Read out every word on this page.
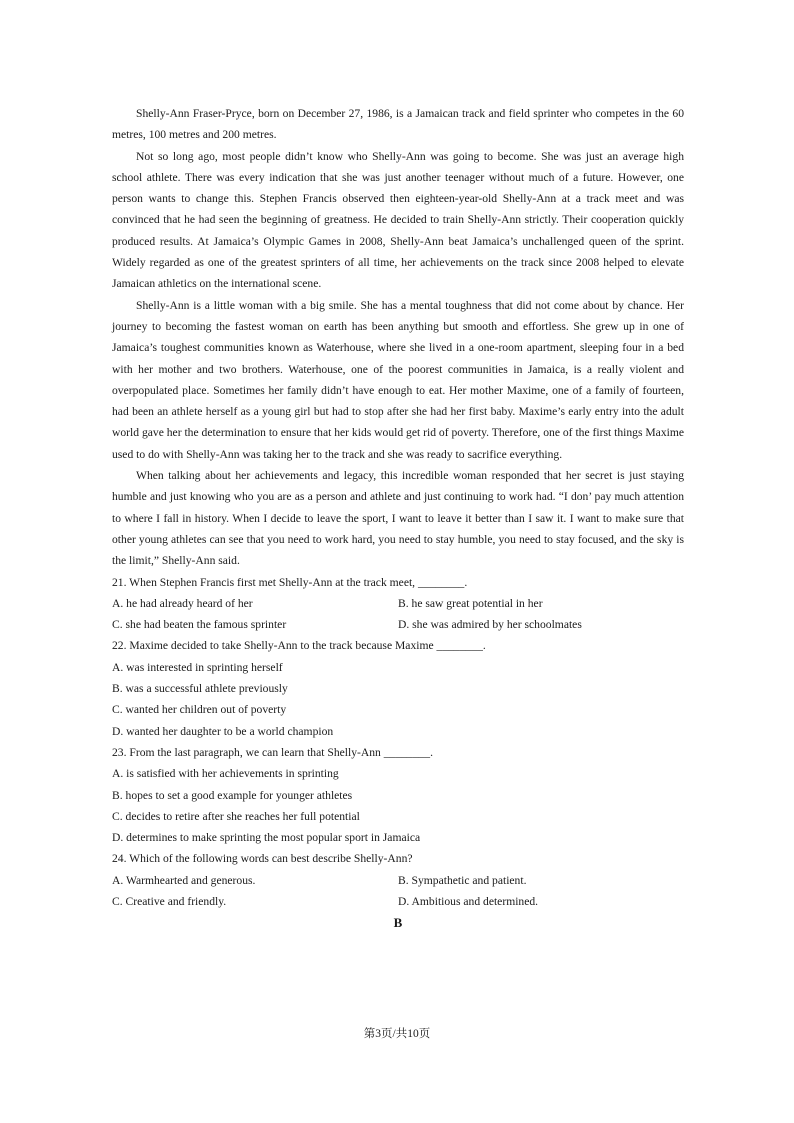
Shelly-Ann Fraser-Pryce, born on December 27, 1986, is a Jamaican track and field sprinter who competes in the 60 metres, 100 metres and 200 metres.

Not so long ago, most people didn’t know who Shelly-Ann was going to become. She was just an average high school athlete. There was every indication that she was just another teenager without much of a future. However, one person wants to change this. Stephen Francis observed then eighteen-year-old Shelly-Ann at a track meet and was convinced that he had seen the beginning of greatness. He decided to train Shelly-Ann strictly. Their cooperation quickly produced results. At Jamaica’s Olympic Games in 2008, Shelly-Ann beat Jamaica’s unchallenged queen of the sprint. Widely regarded as one of the greatest sprinters of all time, her achievements on the track since 2008 helped to elevate Jamaican athletics on the international scene.

Shelly-Ann is a little woman with a big smile. She has a mental toughness that did not come about by chance. Her journey to becoming the fastest woman on earth has been anything but smooth and effortless. She grew up in one of Jamaica’s toughest communities known as Waterhouse, where she lived in a one-room apartment, sleeping four in a bed with her mother and two brothers. Waterhouse, one of the poorest communities in Jamaica, is a really violent and overpopulated place. Sometimes her family didn’t have enough to eat. Her mother Maxime, one of a family of fourteen, had been an athlete herself as a young girl but had to stop after she had her first baby. Maxime’s early entry into the adult world gave her the determination to ensure that her kids would get rid of poverty. Therefore, one of the first things Maxime used to do with Shelly-Ann was taking her to the track and she was ready to sacrifice everything.

When talking about her achievements and legacy, this incredible woman responded that her secret is just staying humble and just knowing who you are as a person and athlete and just continuing to work had. “I don’ pay much attention to where I fall in history. When I decide to leave the sport, I want to leave it better than I saw it. I want to make sure that other young athletes can see that you need to work hard, you need to stay humble, you need to stay focused, and the sky is the limit,” Shelly-Ann said.

21. When Stephen Francis first met Shelly-Ann at the track meet, ________.

A. he had already heard of her	B. he saw great potential in her
C. she had beaten the famous sprinter	D. she was admired by her schoolmates

22. Maxime decided to take Shelly-Ann to the track because Maxime ________.

A. was interested in sprinting herself
B. was a successful athlete previously
C. wanted her children out of poverty
D. wanted her daughter to be a world champion

23. From the last paragraph, we can learn that Shelly-Ann ________.

A. is satisfied with her achievements in sprinting
B. hopes to set a good example for younger athletes
C. decides to retire after she reaches her full potential
D. determines to make sprinting the most popular sport in Jamaica

24. Which of the following words can best describe Shelly-Ann?

A. Warmhearted and generous.	B. Sympathetic and patient.
C. Creative and friendly.	D. Ambitious and determined.
B
第3页/共10页
